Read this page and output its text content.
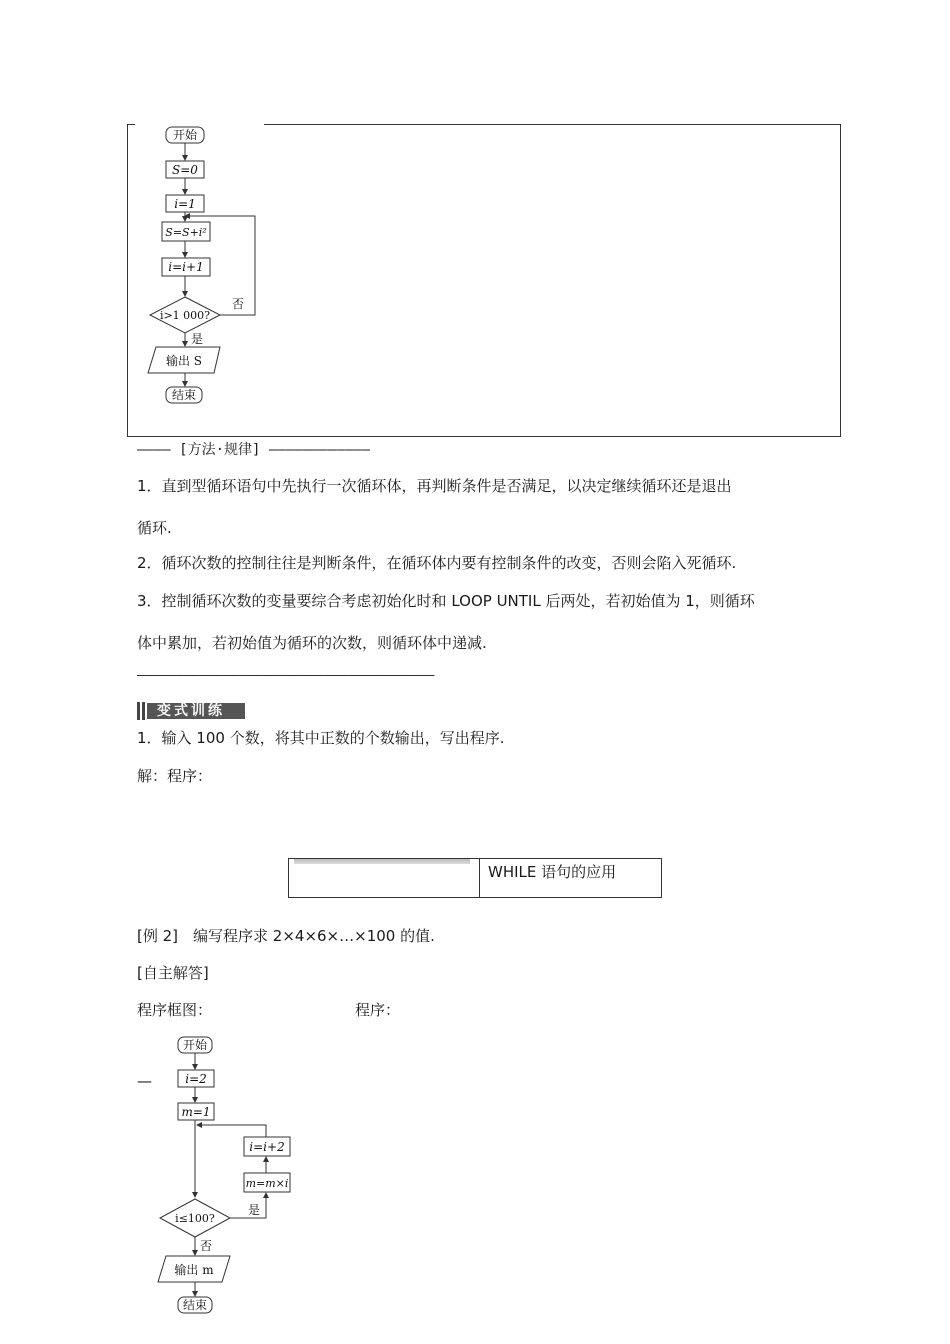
开始
S=0
i=1
S=S+i²
i=i+1
i>1 000?
否
是
输出 S
结束
———— [方法·规律] ————————————
1．直到型循环语句中先执行一次循环体，再判断条件是否满足，以决定继续循环还是退出
循环.
2．循环次数的控制往往是判断条件，在循环体内要有控制条件的改变，否则会陷入死循环.
3．控制循环次数的变量要综合考虑初始化时和 LOOP UNTIL 后两处，若初始值为 1，则循环
体中累加，若初始值为循环的次数，则循环体中递减.
——————————————————————————————————————
变式训练
1．输入 100 个数，将其中正数的个数输出，写出程序.
解：程序：
WHILE 语句的应用
[例 2]　编写程序求 2×4×6×…×100 的值.
[自主解答]
程序框图：	程序：
—
开始
i=2
m=1
i≤100?
是
m=m×i
i=i+2
否
输出 m
结束
